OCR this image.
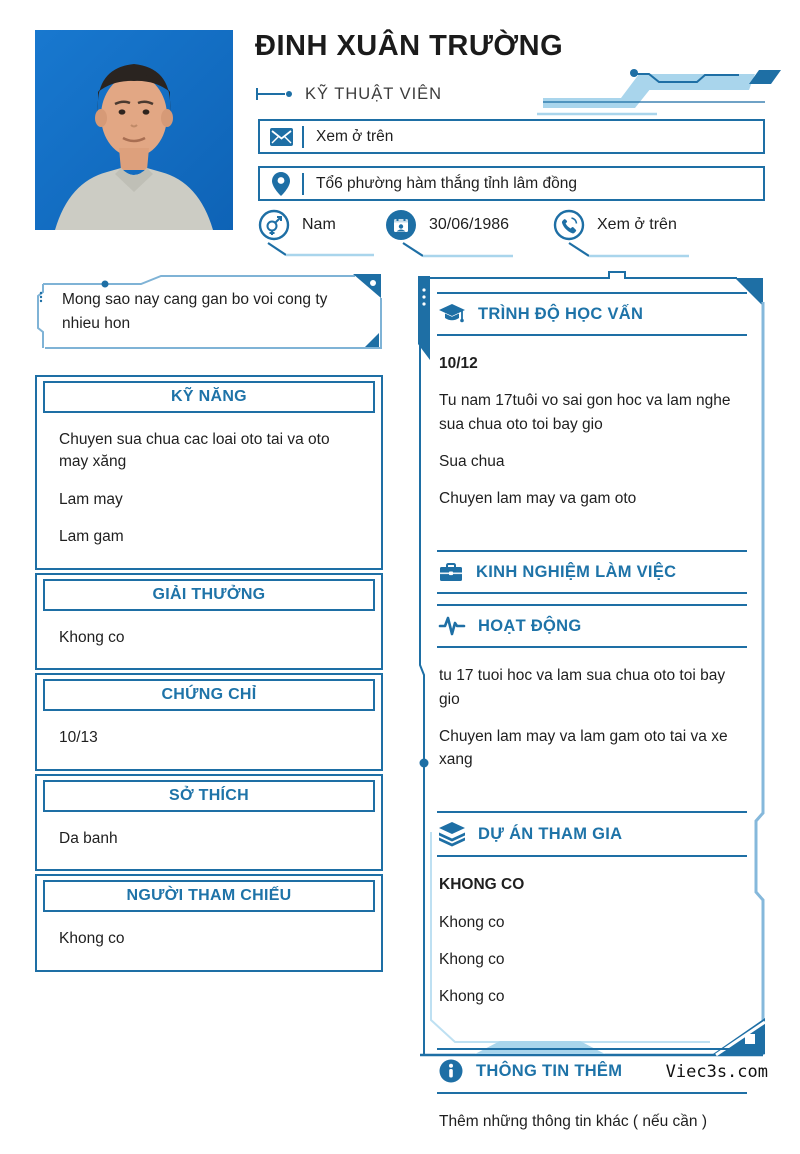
ĐINH XUÂN TRƯỜNG
KỸ THUẬT VIÊN
Xem ở trên
Tổ6 phường hàm thắng tỉnh lâm đồng
Nam	30/06/1986	Xem ở trên
Mong sao nay cang gan bo voi cong ty nhieu hon
KỸ NĂNG
Chuyen sua chua cac loai oto tai va oto may xăng
Lam may
Lam gam
GIẢI THƯỞNG
Khong co
CHỨNG CHỈ
10/13
SỞ THÍCH
Da banh
NGƯỜI THAM CHIẾU
Khong co
TRÌNH ĐỘ HỌC VẤN
10/12
Tu nam 17tuôi vo sai gon hoc va lam nghe sua chua oto toi bay gio
Sua chua
Chuyen lam may va gam oto
KINH NGHIỆM LÀM VIỆC
HOẠT ĐỘNG
tu 17 tuoi hoc va lam sua chua oto toi bay gio
Chuyen lam may va lam gam oto tai va xe xang
DỰ ÁN THAM GIA
KHONG CO
Khong co
Khong co
Khong co
THÔNG TIN THÊM
Thêm những thông tin khác ( nếu cần )
Viec3s.com
